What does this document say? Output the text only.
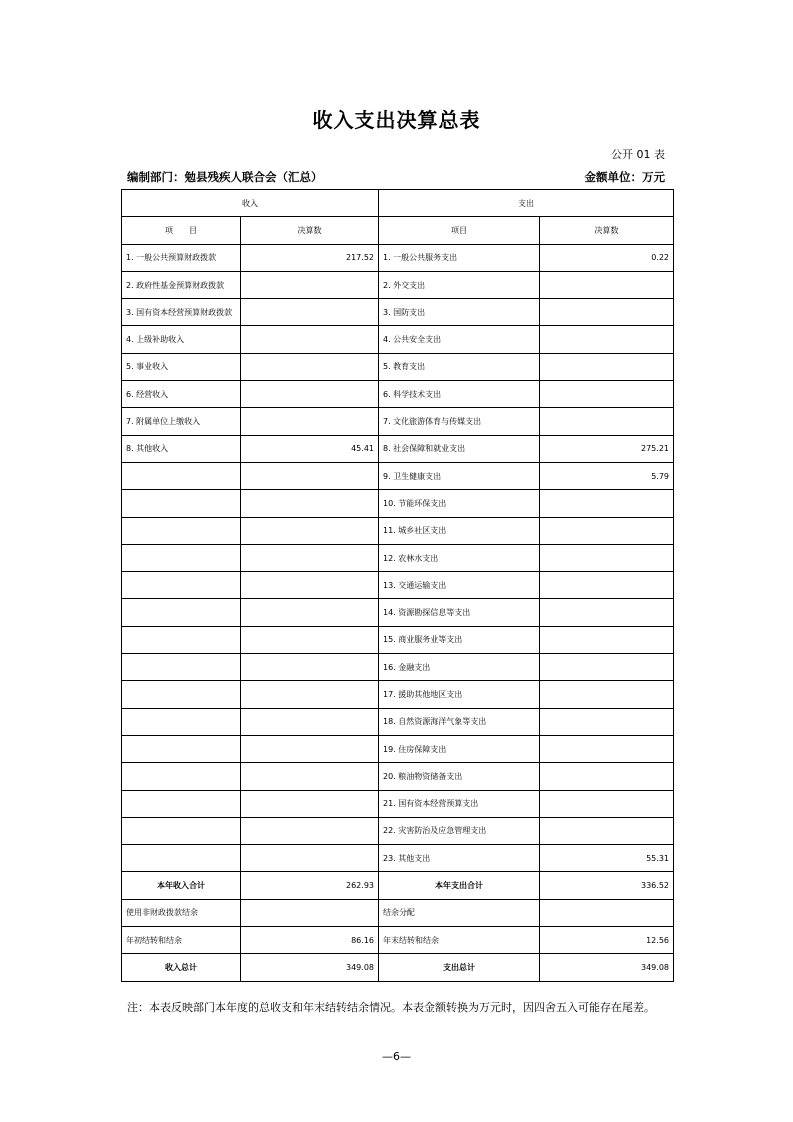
收入支出决算总表
公开 01 表
编制部门：勉县残疾人联合会（汇总）	金额单位：万元
收入		支出	
项　　目	决算数	项目	决算数
1. 一般公共预算财政拨款	217.52	1. 一般公共服务支出	0.22
2. 政府性基金预算财政拨款		2. 外交支出	
3. 国有资本经营预算财政拨款		3. 国防支出	
4. 上级补助收入		4. 公共安全支出	
5. 事业收入		5. 教育支出	
6. 经营收入		6. 科学技术支出	
7. 附属单位上缴收入		7. 文化旅游体育与传媒支出	
8. 其他收入	45.41	8. 社会保障和就业支出	275.21
		9. 卫生健康支出	5.79
		10. 节能环保支出	
		11. 城乡社区支出	
		12. 农林水支出	
		13. 交通运输支出	
		14. 资源勘探信息等支出	
		15. 商业服务业等支出	
		16. 金融支出	
		17. 援助其他地区支出	
		18. 自然资源海洋气象等支出	
		19. 住房保障支出	
		20. 粮油物资储备支出	
		21. 国有资本经营预算支出	
		22. 灾害防治及应急管理支出	
		23. 其他支出	55.31
本年收入合计	262.93	本年支出合计	336.52
使用非财政拨款结余		结余分配	
年初结转和结余	86.16	年末结转和结余	12.56
收入总计	349.08	支出总计	349.08
注：本表反映部门本年度的总收支和年末结转结余情况。本表金额转换为万元时，因四舍五入可能存在尾差。
—6—
